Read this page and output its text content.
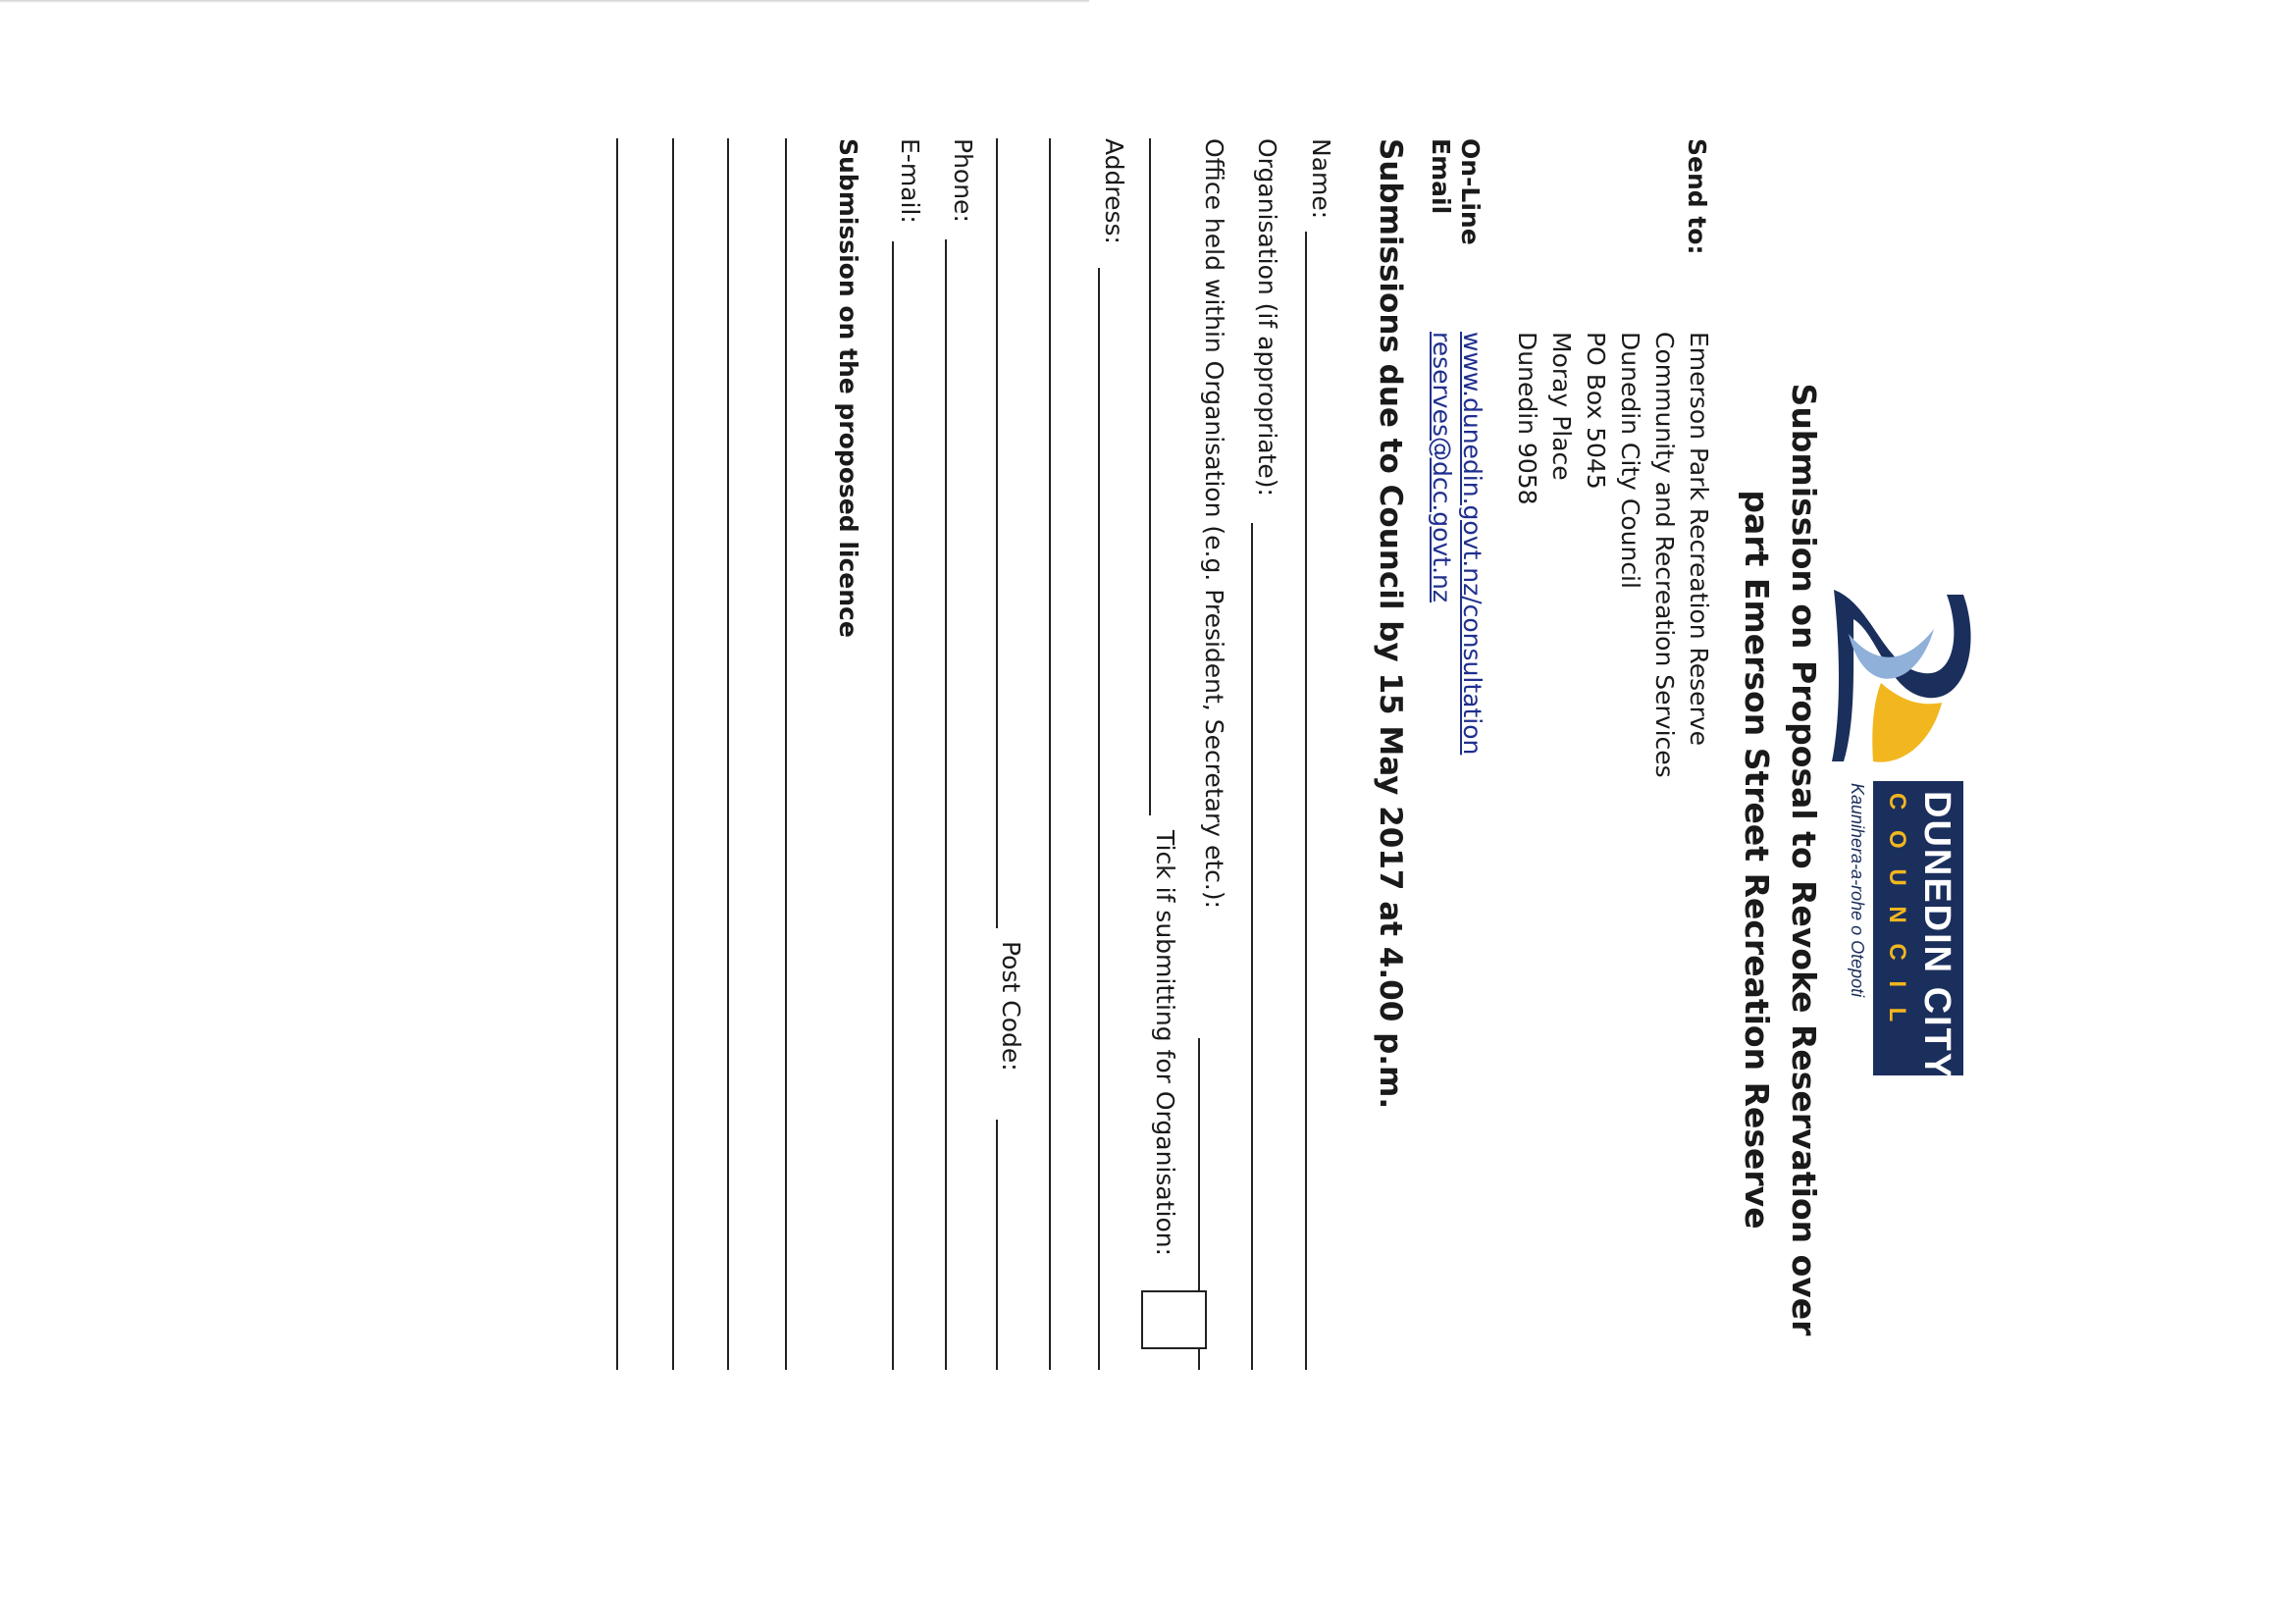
DUNEDIN CITY
C O U N C I L
Kaunihera-a-rohe o Otepoti
Submission on Proposal to Revoke Reservation over
part Emerson Street Recreation Reserve
Send to:
Emerson Park Recreation Reserve
Community and Recreation Services
Dunedin City Council
PO Box 5045
Moray Place
Dunedin 9058
On-Line
Email
www.dunedin.govt.nz/consultation
reserves@dcc.govt.nz
Submissions due to Council by 15 May 2017 at 4.00 p.m.
Name:
Organisation (if appropriate):
Office held within Organisation (e.g. President, Secretary etc.):
Tick if submitting for Organisation:
Address:
Post Code:
Phone:
E-mail:
Submission on the proposed licence
